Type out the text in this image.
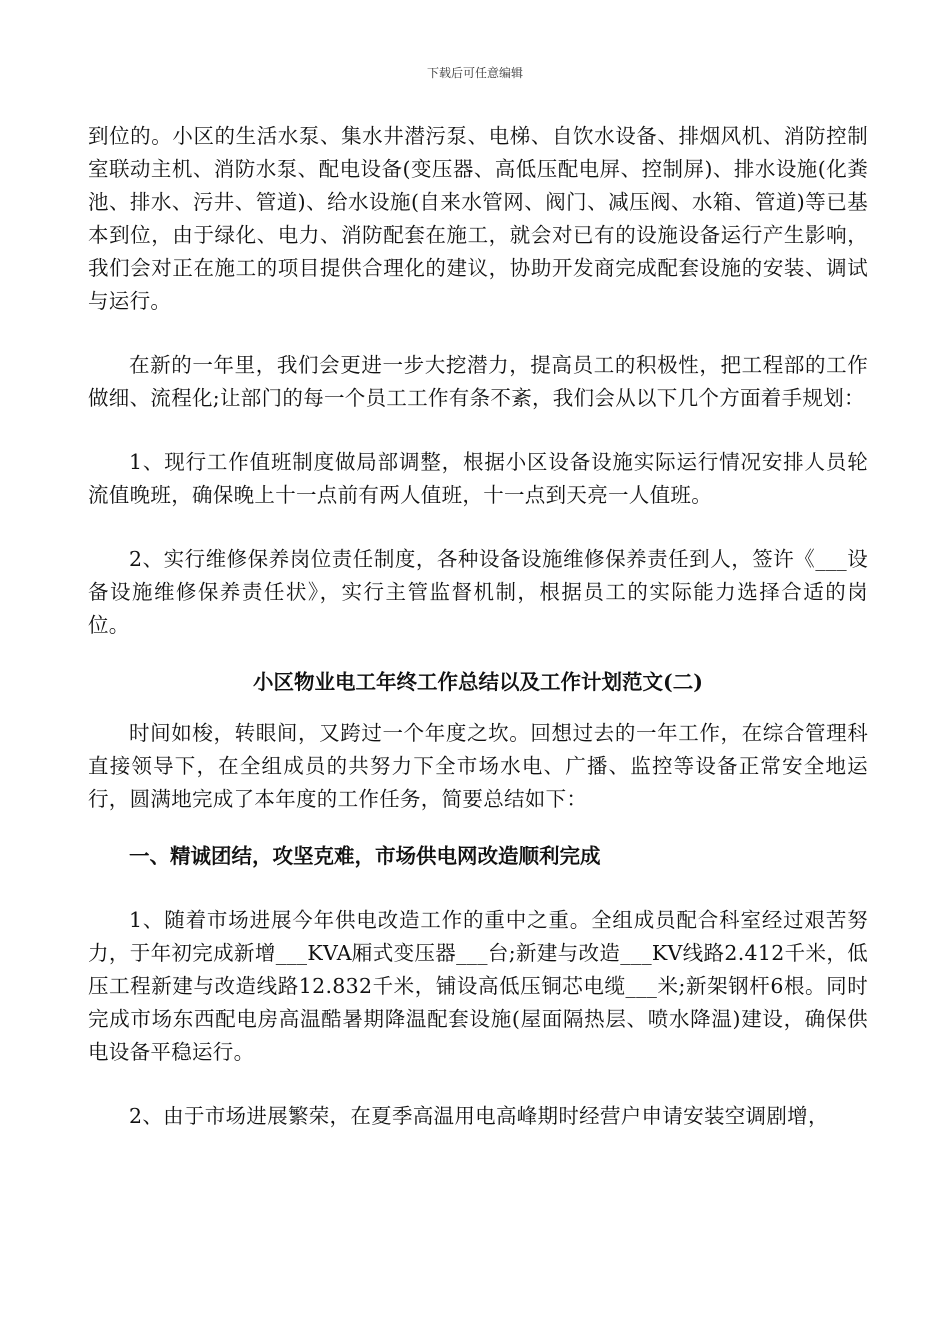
下载后可任意编辑

到位的。小区的生活水泵、集水井潜污泵、电梯、自饮水设备、排烟风机、消防控制室联动主机、消防水泵、配电设备(变压器、高低压配电屏、控制屏)、排水设施(化粪池、排水、污井、管道)、给水设施(自来水管网、阀门、减压阀、水箱、管道)等已基本到位，由于绿化、电力、消防配套在施工，就会对已有的设施设备运行产生影响，我们会对正在施工的项目提供合理化的建议，协助开发商完成配套设施的安装、调试与运行。

在新的一年里，我们会更进一步大挖潜力，提高员工的积极性，把工程部的工作做细、流程化;让部门的每一个员工工作有条不紊，我们会从以下几个方面着手规划：

1、现行工作值班制度做局部调整，根据小区设备设施实际运行情况安排人员轮流值晚班，确保晚上十一点前有两人值班，十一点到天亮一人值班。

2、实行维修保养岗位责任制度，各种设备设施维修保养责任到人，签许《___设备设施维修保养责任状》，实行主管监督机制，根据员工的实际能力选择合适的岗位。

小区物业电工年终工作总结以及工作计划范文(二)

时间如梭，转眼间，又跨过一个年度之坎。回想过去的一年工作，在综合管理科直接领导下，在全组成员的共努力下全市场水电、广播、监控等设备正常安全地运行，圆满地完成了本年度的工作任务，简要总结如下：

一、精诚团结，攻坚克难，市场供电网改造顺利完成

1、随着市场进展今年供电改造工作的重中之重。全组成员配合科室经过艰苦努力，于年初完成新增___KVA厢式变压器___台;新建与改造___KV线路2.412千米，低压工程新建与改造线路12.832千米，铺设高低压铜芯电缆___米;新架钢杆6根。同时完成市场东西配电房高温酷暑期降温配套设施(屋面隔热层、喷水降温)建设，确保供电设备平稳运行。

2、由于市场进展繁荣，在夏季高温用电高峰期时经营户申请安装空调剧增，
